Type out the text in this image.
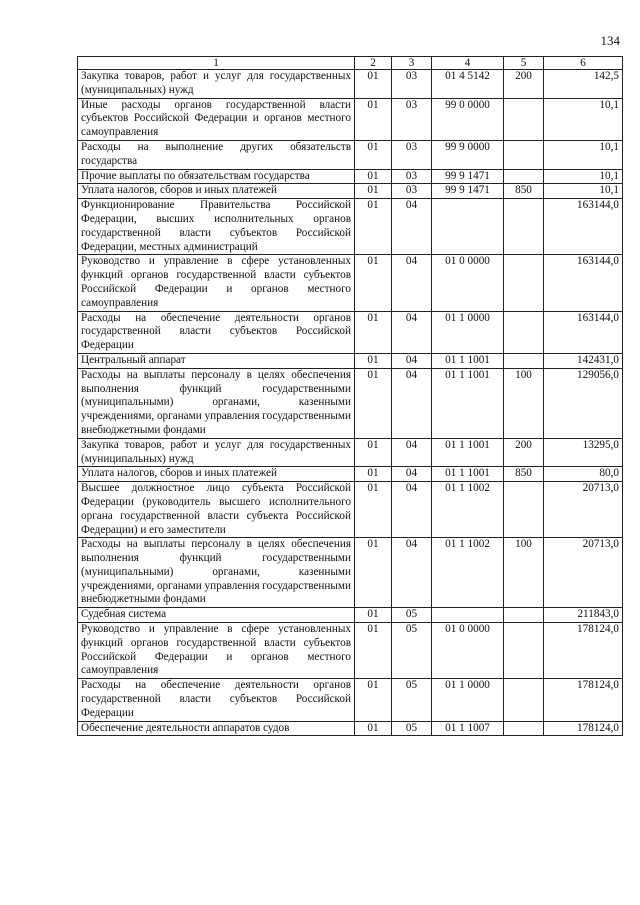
134
1	2	3	4	5	6
Закупка товаров, работ и услуг для государственных (муниципальных) нужд	01	03	01 4 5142	200	142,5
Иные расходы органов государственной власти субъектов Российской Федерации и органов местного самоуправления	01	03	99 0 0000		10,1
Расходы на выполнение других обязательств государства	01	03	99 9 0000		10,1
Прочие выплаты по обязательствам государства	01	03	99 9 1471		10,1
Уплата налогов, сборов и иных платежей	01	03	99 9 1471	850	10,1
Функционирование Правительства Российской Федерации, высших исполнительных органов государственной власти субъектов Российской Федерации, местных администраций	01	04			163144,0
Руководство и управление в сфере установленных функций органов государственной власти субъектов Российской Федерации и органов местного самоуправления	01	04	01 0 0000		163144,0
Расходы на обеспечение деятельности органов государственной власти субъектов Российской Федерации	01	04	01 1 0000		163144,0
Центральный аппарат	01	04	01 1 1001		142431,0
Расходы на выплаты персоналу в целях обеспечения выполнения функций государственными (муниципальными) органами, казенными учреждениями, органами управления государственными внебюджетными фондами	01	04	01 1 1001	100	129056,0
Закупка товаров, работ и услуг для государственных (муниципальных) нужд	01	04	01 1 1001	200	13295,0
Уплата налогов, сборов и иных платежей	01	04	01 1 1001	850	80,0
Высшее должностное лицо субъекта Российской Федерации (руководитель высшего исполнительного органа государственной власти субъекта Российской Федерации) и его заместители	01	04	01 1 1002		20713,0
Расходы на выплаты персоналу в целях обеспечения выполнения функций государственными (муниципальными) органами, казенными учреждениями, органами управления государственными внебюджетными фондами	01	04	01 1 1002	100	20713,0
Судебная система	01	05			211843,0
Руководство и управление в сфере установленных функций органов государственной власти субъектов Российской Федерации и органов местного самоуправления	01	05	01 0 0000		178124,0
Расходы на обеспечение деятельности органов государственной власти субъектов Российской Федерации	01	05	01 1 0000		178124,0
Обеспечение деятельности аппаратов судов	01	05	01 1 1007		178124,0
